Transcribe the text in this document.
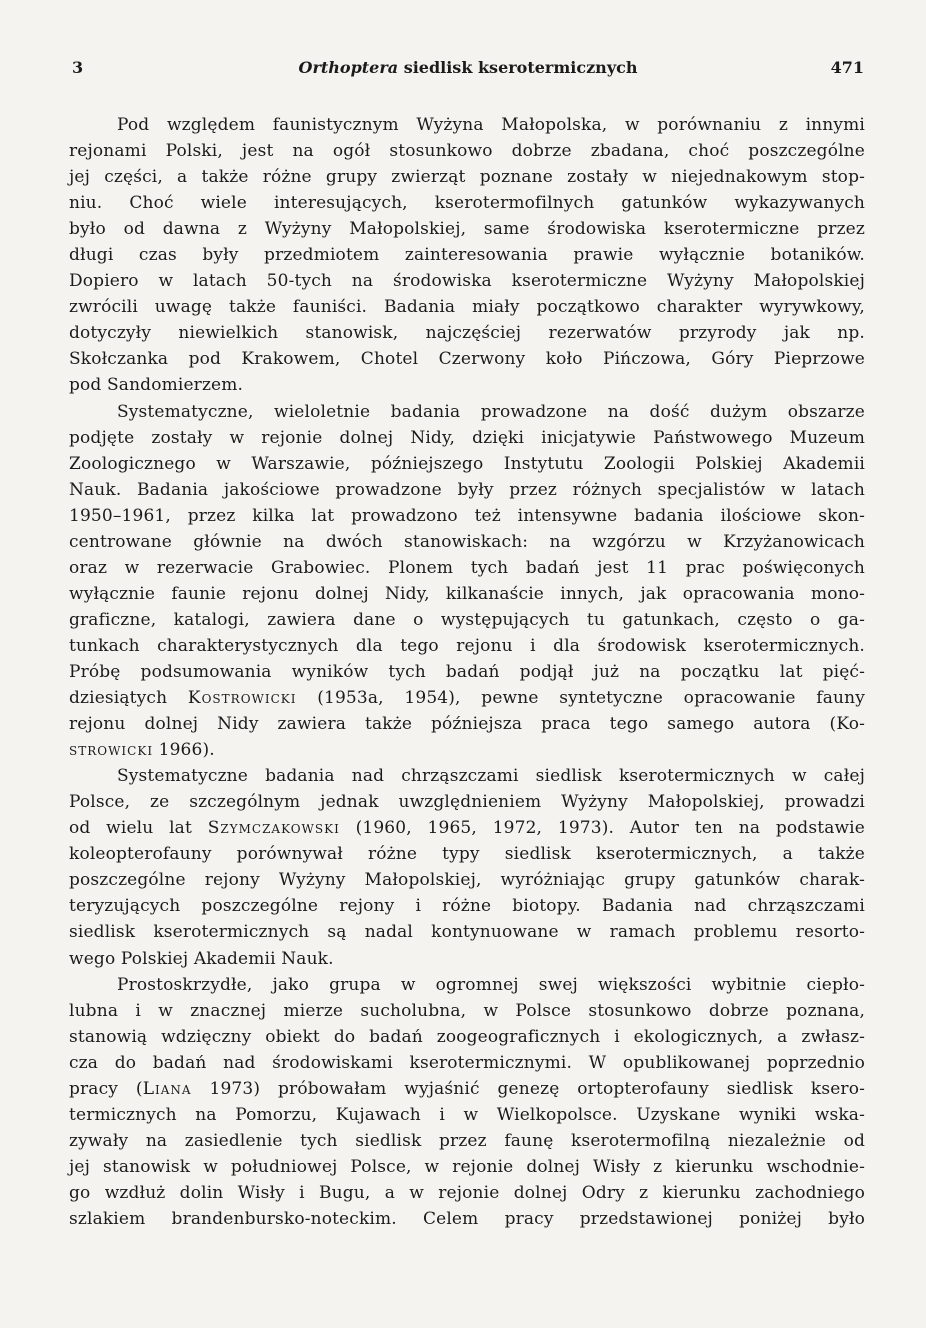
3	Orthoptera siedlisk kserotermicznych	471
Pod względem faunistycznym Wyżyna Małopolska, w porównaniu z innymi
rejonami Polski, jest na ogół stosunkowo dobrze zbadana, choć poszczególne
jej części, a także różne grupy zwierząt poznane zostały w niejednakowym stop-
niu. Choć wiele interesujących, kserotermofilnych gatunków wykazywanych
było od dawna z Wyżyny Małopolskiej, same środowiska kserotermiczne przez
długi czas były przedmiotem zainteresowania prawie wyłącznie botaników.
Dopiero w latach 50-tych na środowiska kserotermiczne Wyżyny Małopolskiej
zwrócili uwagę także fauniści. Badania miały początkowo charakter wyrywkowy,
dotyczyły niewielkich stanowisk, najczęściej rezerwatów przyrody jak np.
Skołczanka pod Krakowem, Chotel Czerwony koło Pińczowa, Góry Pieprzowe
pod Sandomierzem.
Systematyczne, wieloletnie badania prowadzone na dość dużym obszarze
podjęte zostały w rejonie dolnej Nidy, dzięki inicjatywie Państwowego Muzeum
Zoologicznego w Warszawie, późniejszego Instytutu Zoologii Polskiej Akademii
Nauk. Badania jakościowe prowadzone były przez różnych specjalistów w latach
1950–1961, przez kilka lat prowadzono też intensywne badania ilościowe skon-
centrowane głównie na dwóch stanowiskach: na wzgórzu w Krzyżanowicach
oraz w rezerwacie Grabowiec. Plonem tych badań jest 11 prac poświęconych
wyłącznie faunie rejonu dolnej Nidy, kilkanaście innych, jak opracowania mono-
graficzne, katalogi, zawiera dane o występujących tu gatunkach, często o ga-
tunkach charakterystycznych dla tego rejonu i dla środowisk kserotermicznych.
Próbę podsumowania wyników tych badań podjął już na początku lat pięć-
dziesiątych Kostrowicki (1953a, 1954), pewne syntetyczne opracowanie fauny
rejonu dolnej Nidy zawiera także późniejsza praca tego samego autora (Ko-
strowicki 1966).
Systematyczne badania nad chrząszczami siedlisk kserotermicznych w całej
Polsce, ze szczególnym jednak uwzględnieniem Wyżyny Małopolskiej, prowadzi
od wielu lat Szymczakowski (1960, 1965, 1972, 1973). Autor ten na podstawie
koleopterofauny porównywał różne typy siedlisk kserotermicznych, a także
poszczególne rejony Wyżyny Małopolskiej, wyróżniając grupy gatunków charak-
teryzujących poszczególne rejony i różne biotopy. Badania nad chrząszczami
siedlisk kserotermicznych są nadal kontynuowane w ramach problemu resorto-
wego Polskiej Akademii Nauk.
Prostoskrzydłe, jako grupa w ogromnej swej większości wybitnie ciepło-
lubna i w znacznej mierze sucholubna, w Polsce stosunkowo dobrze poznana,
stanowią wdzięczny obiekt do badań zoogeograficznych i ekologicznych, a zwłasz-
cza do badań nad środowiskami kserotermicznymi. W opublikowanej poprzednio
pracy (Liana 1973) próbowałam wyjaśnić genezę ortopterofauny siedlisk ksero-
termicznych na Pomorzu, Kujawach i w Wielkopolsce. Uzyskane wyniki wska-
zywały na zasiedlenie tych siedlisk przez faunę kserotermofilną niezależnie od
jej stanowisk w południowej Polsce, w rejonie dolnej Wisły z kierunku wschodnie-
go wzdłuż dolin Wisły i Bugu, a w rejonie dolnej Odry z kierunku zachodniego
szlakiem brandenbursko-noteckim. Celem pracy przedstawionej poniżej było
